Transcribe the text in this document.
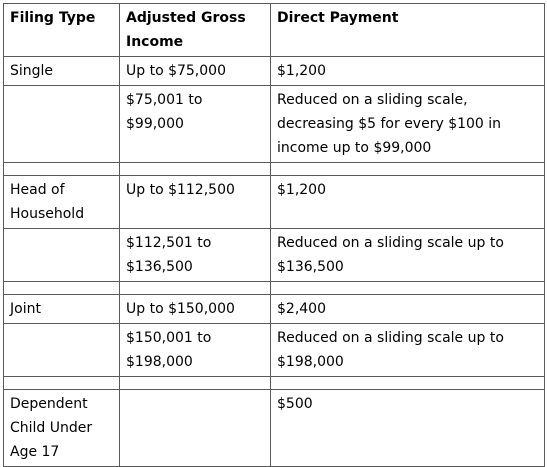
Filing Type	Adjusted Gross Income	Direct Payment
Single	Up to $75,000	$1,200
	$75,001 to $99,000	Reduced on a sliding scale, decreasing $5 for every $100 in income up to $99,000

Head of Household	Up to $112,500	$1,200
	$112,501 to $136,500	Reduced on a sliding scale up to $136,500

Joint	Up to $150,000	$2,400
	$150,001 to $198,000	Reduced on a sliding scale up to $198,000

Dependent Child Under Age 17		$500
